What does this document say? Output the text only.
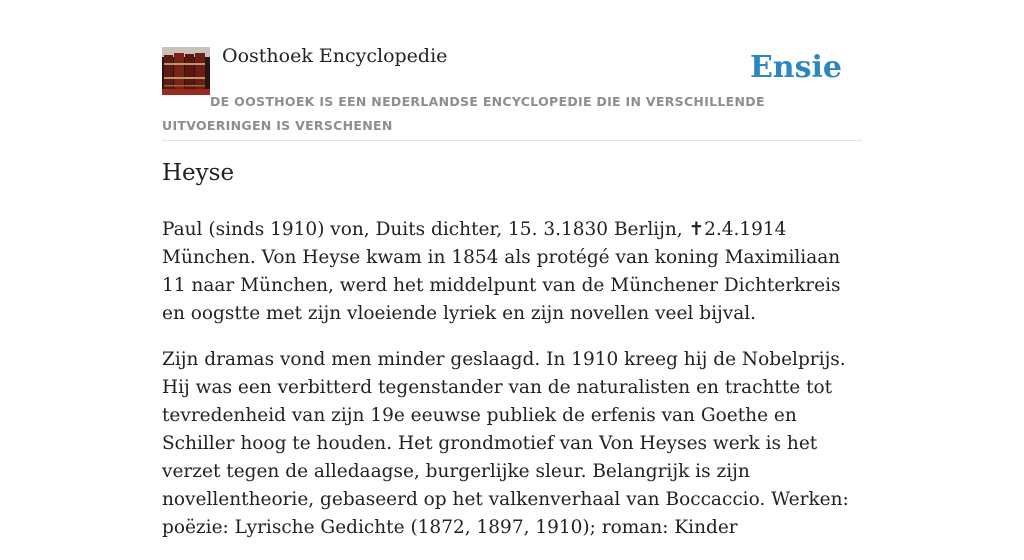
Oosthoek Encyclopedie	Ensie
DE OOSTHOEK IS EEN NEDERLANDSE ENCYCLOPEDIE DIE IN VERSCHILLENDE UITVOERINGEN IS VERSCHENEN
Heyse

Paul (sinds 1910) von, Duits dichter, 15. 3.1830 Berlijn, ✝2.4.1914 München. Von Heyse kwam in 1854 als protégé van koning Maximiliaan 11 naar München, werd het middelpunt van de Münchener Dichterkreis en oogstte met zijn vloeiende lyriek en zijn novellen veel bijval.

Zijn dramas vond men minder geslaagd. In 1910 kreeg hij de Nobelprijs. Hij was een verbitterd tegenstander van de naturalisten en trachtte tot tevredenheid van zijn 19e eeuwse publiek de erfenis van Goethe en Schiller hoog te houden. Het grondmotief van Von Heyses werk is het verzet tegen de alledaagse, burgerlijke sleur. Belangrijk is zijn novellentheorie, gebaseerd op het valkenverhaal van Boccaccio. Werken: poëzie: Lyrische Gedichte (1872, 1897, 1910); roman: Kinder
